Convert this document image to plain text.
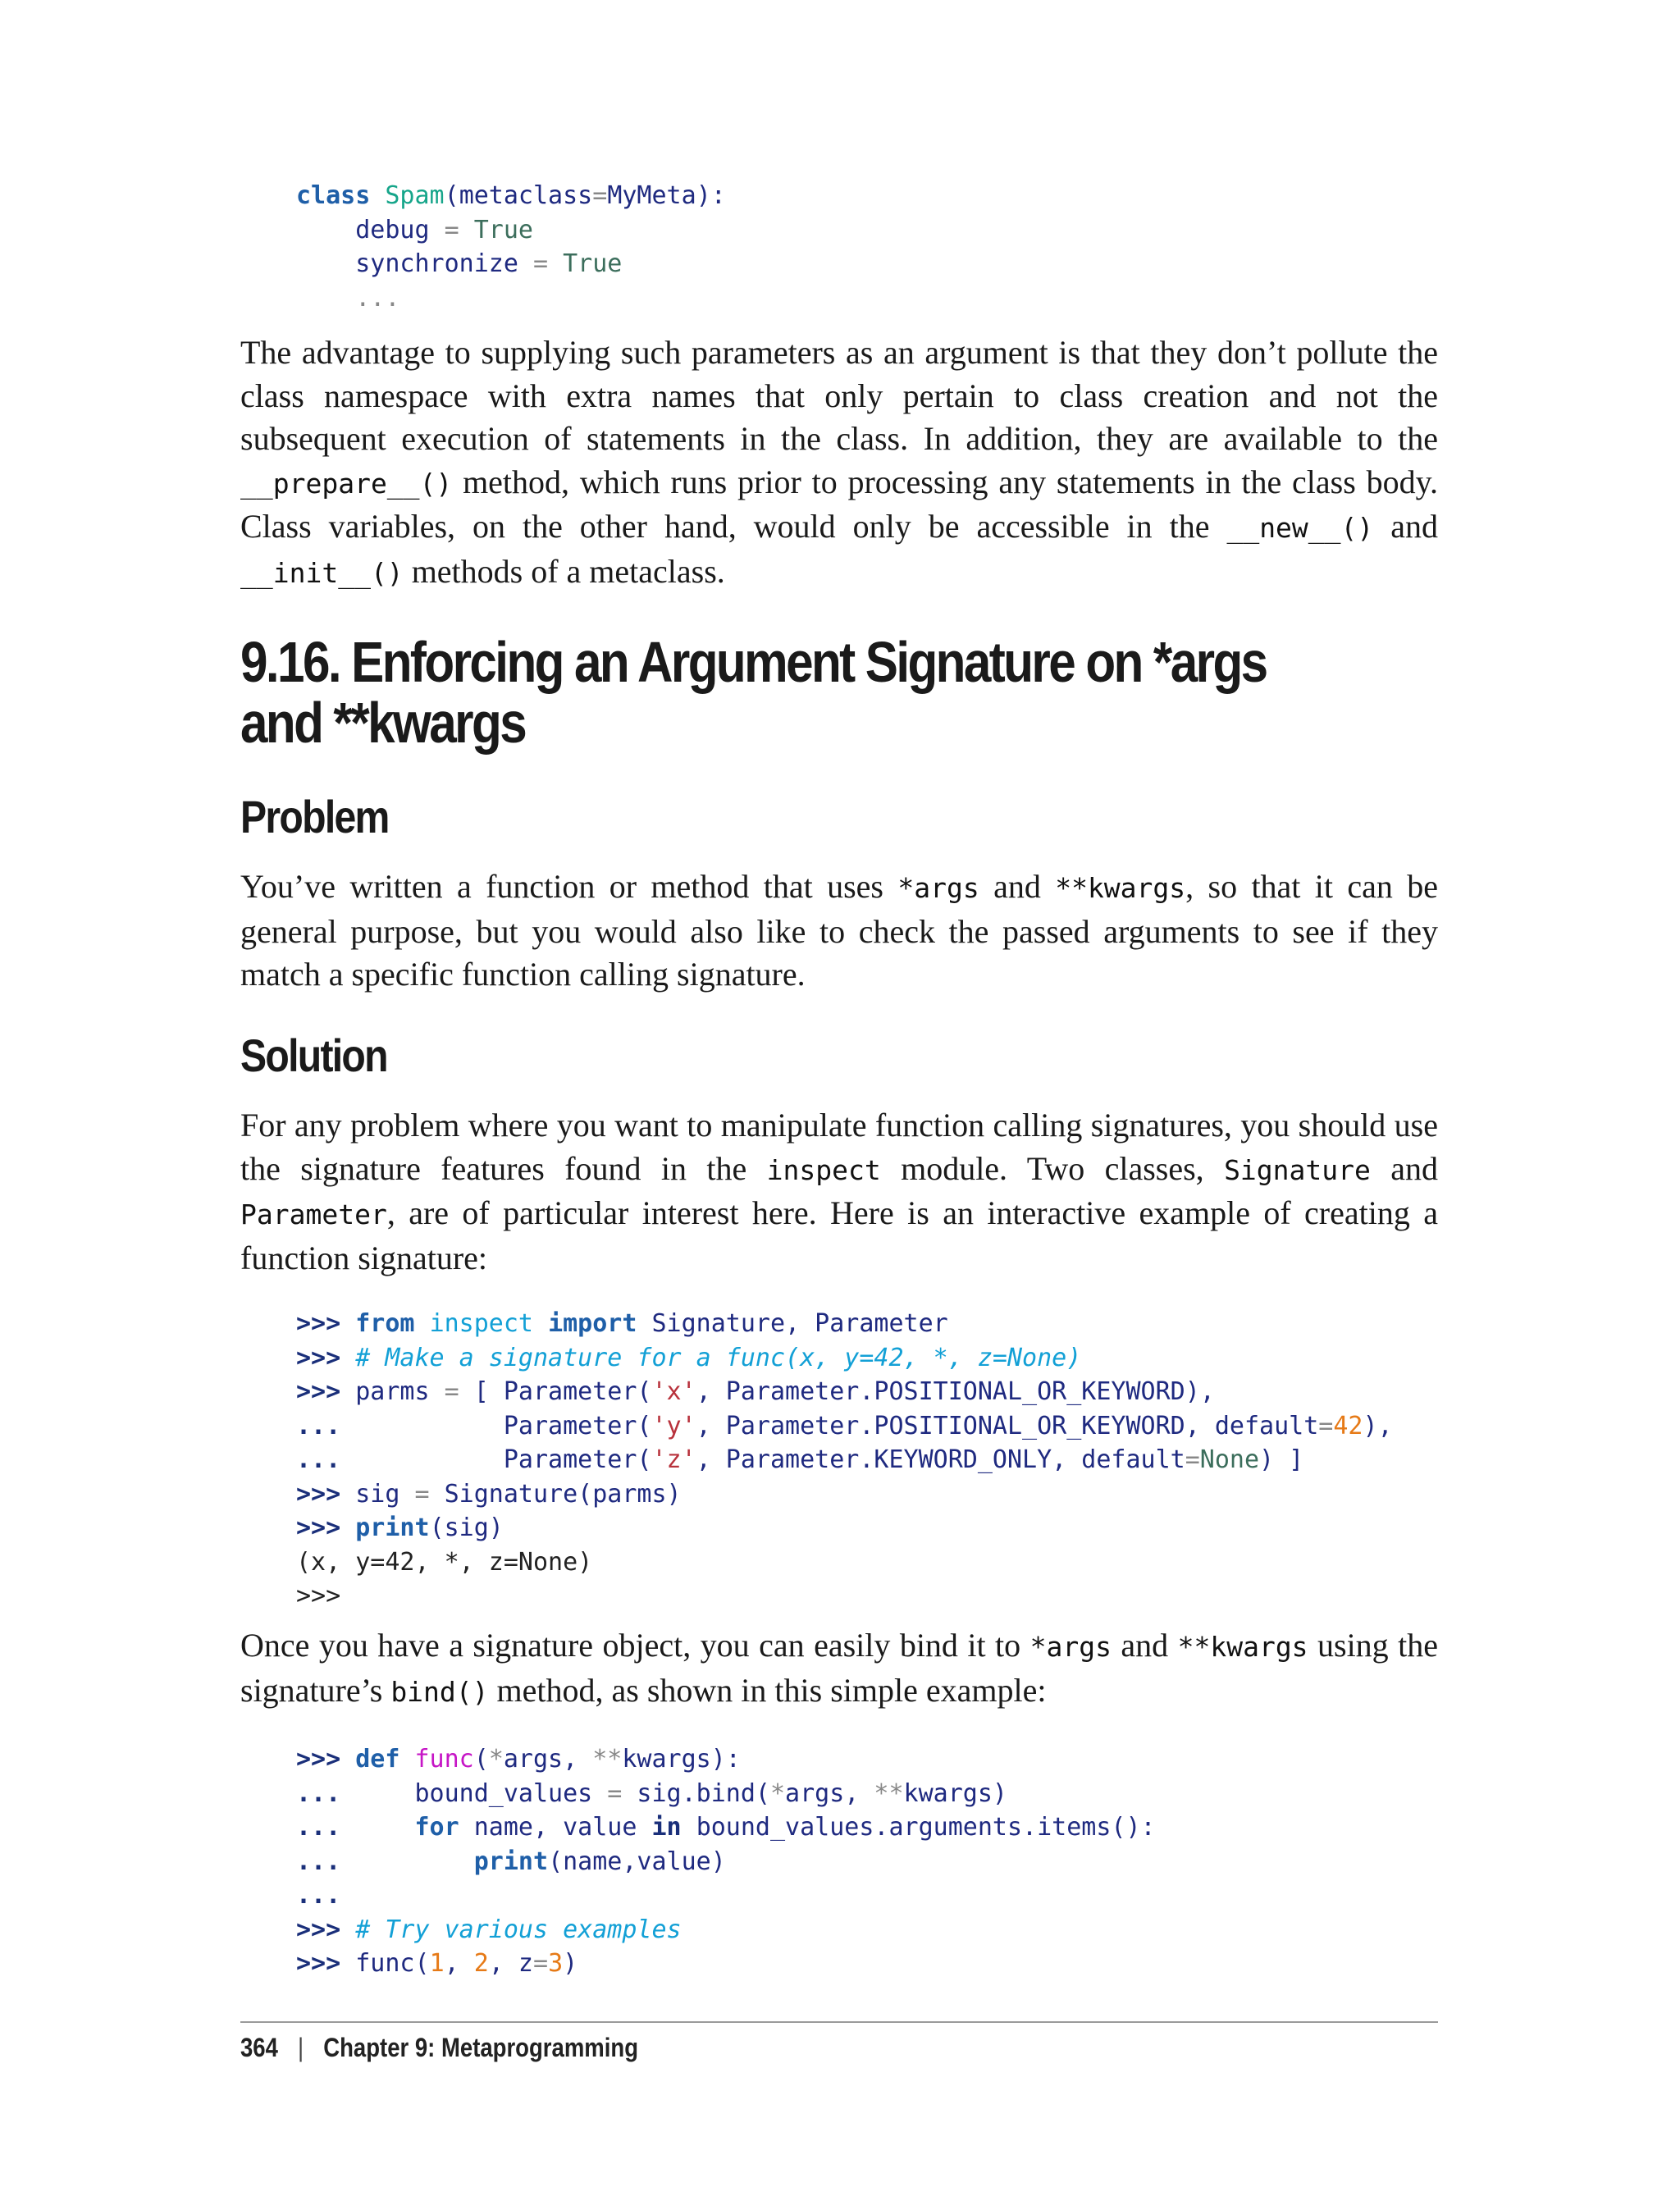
class Spam(metaclass=MyMeta):
debug = True
synchronize = True
...

The advantage to supplying such parameters as an argument is that they don’t pollute the class namespace with extra names that only pertain to class creation and not the subsequent execution of statements in the class. In addition, they are available to the __prepare__() method, which runs prior to processing any statements in the class body. Class variables, on the other hand, would only be accessible in the __new__() and __init__() methods of a metaclass.

9.16. Enforcing an Argument Signature on *args and **kwargs
Problem

You’ve written a function or method that uses *args and **kwargs, so that it can be general purpose, but you would also like to check the passed arguments to see if they match a specific function calling signature.

Solution

For any problem where you want to manipulate function calling signatures, you should use the signature features found in the inspect module. Two classes, Signature and Parameter, are of particular interest here. Here is an interactive example of creating a function signature:

>>> from inspect import Signature, Parameter
>>> # Make a signature for a func(x, y=42, *, z=None)
>>> parms = [ Parameter('x', Parameter.POSITIONAL_OR_KEYWORD),
...           Parameter('y', Parameter.POSITIONAL_OR_KEYWORD, default=42),
...           Parameter('z', Parameter.KEYWORD_ONLY, default=None) ]
>>> sig = Signature(parms)
>>> print(sig)
(x, y=42, *, z=None)
>>>

Once you have a signature object, you can easily bind it to *args and **kwargs using the signature’s bind() method, as shown in this simple example:

>>> def func(*args, **kwargs):
...     bound_values = sig.bind(*args, **kwargs)
...     for name, value in bound_values.arguments.items():
...	print(name,value)
...
>>> # Try various examples
>>> func(1, 2, z=3)
364 | Chapter 9: Metaprogramming
